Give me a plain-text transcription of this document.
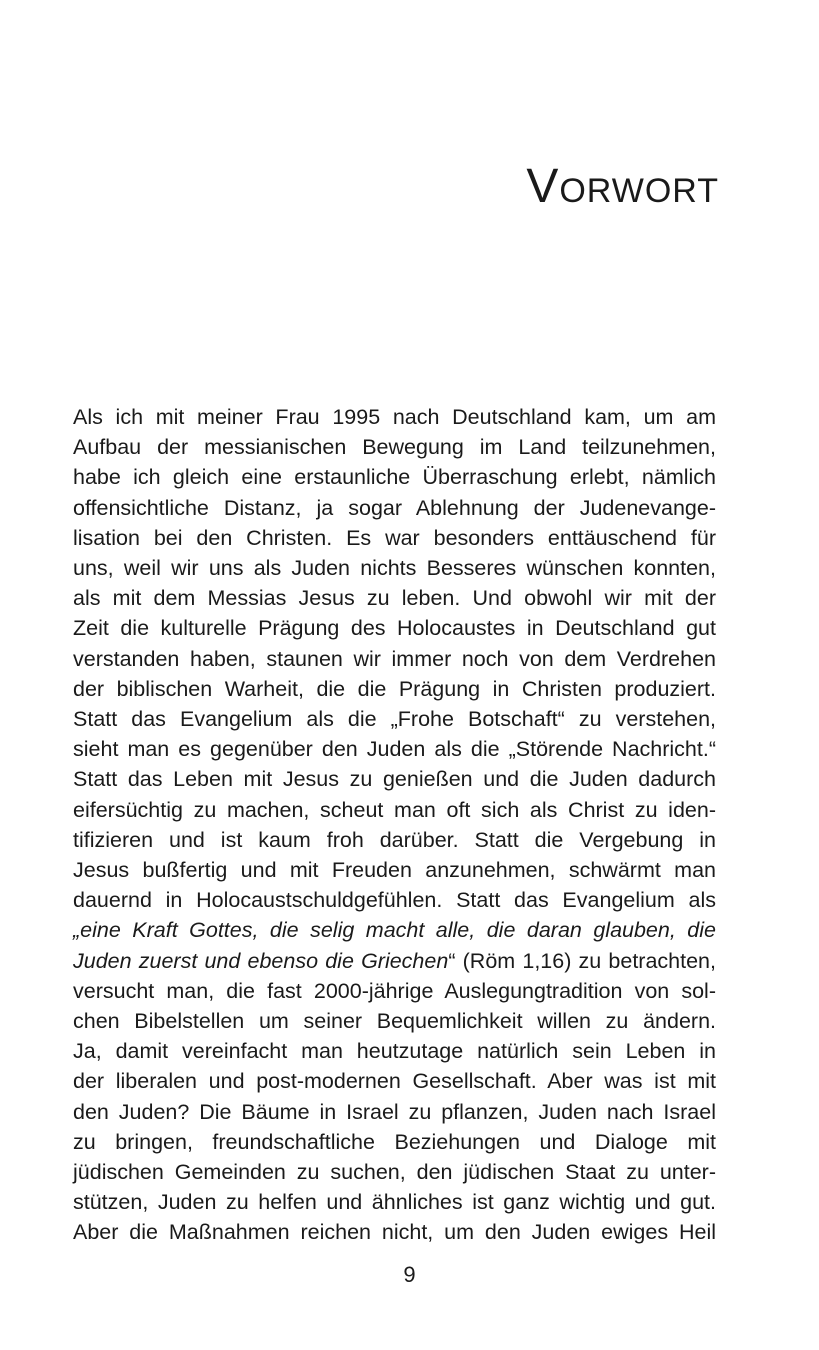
Vorwort
Als ich mit meiner Frau 1995 nach Deutschland kam, um am
Aufbau der messianischen Bewegung im Land teilzunehmen,
habe ich gleich eine erstaunliche Überraschung erlebt, nämlich
offensichtliche Distanz, ja sogar Ablehnung der Judenevange-
lisation bei den Christen. Es war besonders enttäuschend für
uns, weil wir uns als Juden nichts Besseres wünschen konnten,
als mit dem Messias Jesus zu leben. Und obwohl wir mit der
Zeit die kulturelle Prägung des Holocaustes in Deutschland gut
verstanden haben, staunen wir immer noch von dem Verdrehen
der biblischen Warheit, die die Prägung in Christen produziert.
Statt das Evangelium als die „Frohe Botschaft“ zu verstehen,
sieht man es gegenüber den Juden als die „Störende Nachricht.“
Statt das Leben mit Jesus zu genießen und die Juden dadurch
eifersüchtig zu machen, scheut man oft sich als Christ zu iden-
tifizieren und ist kaum froh darüber. Statt die Vergebung in
Jesus bußfertig und mit Freuden anzunehmen, schwärmt man
dauernd in Holocaustschuldgefühlen. Statt das Evangelium als
„eine Kraft Gottes, die selig macht alle, die daran glauben, die
Juden zuerst und ebenso die Griechen“ (Röm 1,16) zu betrachten,
versucht man, die fast 2000-jährige Auslegungtradition von sol-
chen Bibelstellen um seiner Bequemlichkeit willen zu ändern.
Ja, damit vereinfacht man heutzutage natürlich sein Leben in
der liberalen und post-modernen Gesellschaft. Aber was ist mit
den Juden? Die Bäume in Israel zu pflanzen, Juden nach Israel
zu bringen, freundschaftliche Beziehungen und Dialoge mit
jüdischen Gemeinden zu suchen, den jüdischen Staat zu unter-
stützen, Juden zu helfen und ähnliches ist ganz wichtig und gut.
Aber die Maßnahmen reichen nicht, um den Juden ewiges Heil
9
